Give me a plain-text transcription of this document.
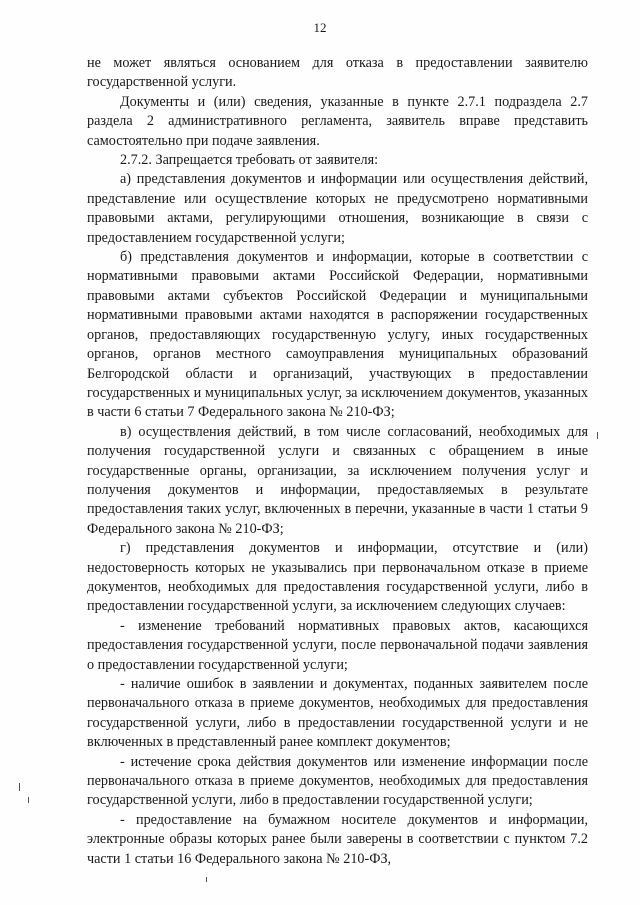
12

не может являться основанием для отказа в предоставлении заявителю государственной услуги.

Документы и (или) сведения, указанные в пункте 2.7.1 подраздела 2.7 раздела 2 административного регламента, заявитель вправе представить самостоятельно при подаче заявления.

2.7.2. Запрещается требовать от заявителя:

а) представления документов и информации или осуществления действий, представление или осуществление которых не предусмотрено нормативными правовыми актами, регулирующими отношения, возникающие в связи с предоставлением государственной услуги;

б) представления документов и информации, которые в соответствии с нормативными правовыми актами Российской Федерации, нормативными правовыми актами субъектов Российской Федерации и муниципальными нормативными правовыми актами находятся в распоряжении государственных органов, предоставляющих государственную услугу, иных государственных органов, органов местного самоуправления муниципальных образований Белгородской области и организаций, участвующих в предоставлении государственных и муниципальных услуг, за исключением документов, указанных в части 6 статьи 7 Федерального закона № 210-ФЗ;

в) осуществления действий, в том числе согласований, необходимых для получения государственной услуги и связанных с обращением в иные государственные органы, организации, за исключением получения услуг и получения документов и информации, предоставляемых в результате предоставления таких услуг, включенных в перечни, указанные в части 1 статьи 9 Федерального закона № 210-ФЗ;

г) представления документов и информации, отсутствие и (или) недостоверность которых не указывались при первоначальном отказе в приеме документов, необходимых для предоставления государственной услуги, либо в предоставлении государственной услуги, за исключением следующих случаев:

- изменение требований нормативных правовых актов, касающихся предоставления государственной услуги, после первоначальной подачи заявления о предоставлении государственной услуги;

- наличие ошибок в заявлении и документах, поданных заявителем после первоначального отказа в приеме документов, необходимых для предоставления государственной услуги, либо в предоставлении государственной услуги и не включенных в представленный ранее комплект документов;

- истечение срока действия документов или изменение информации после первоначального отказа в приеме документов, необходимых для предоставления государственной услуги, либо в предоставлении государственной услуги;

- предоставление на бумажном носителе документов и информации, электронные образы которых ранее были заверены в соответствии с пунктом 7.2 части 1 статьи 16 Федерального закона № 210-ФЗ,
